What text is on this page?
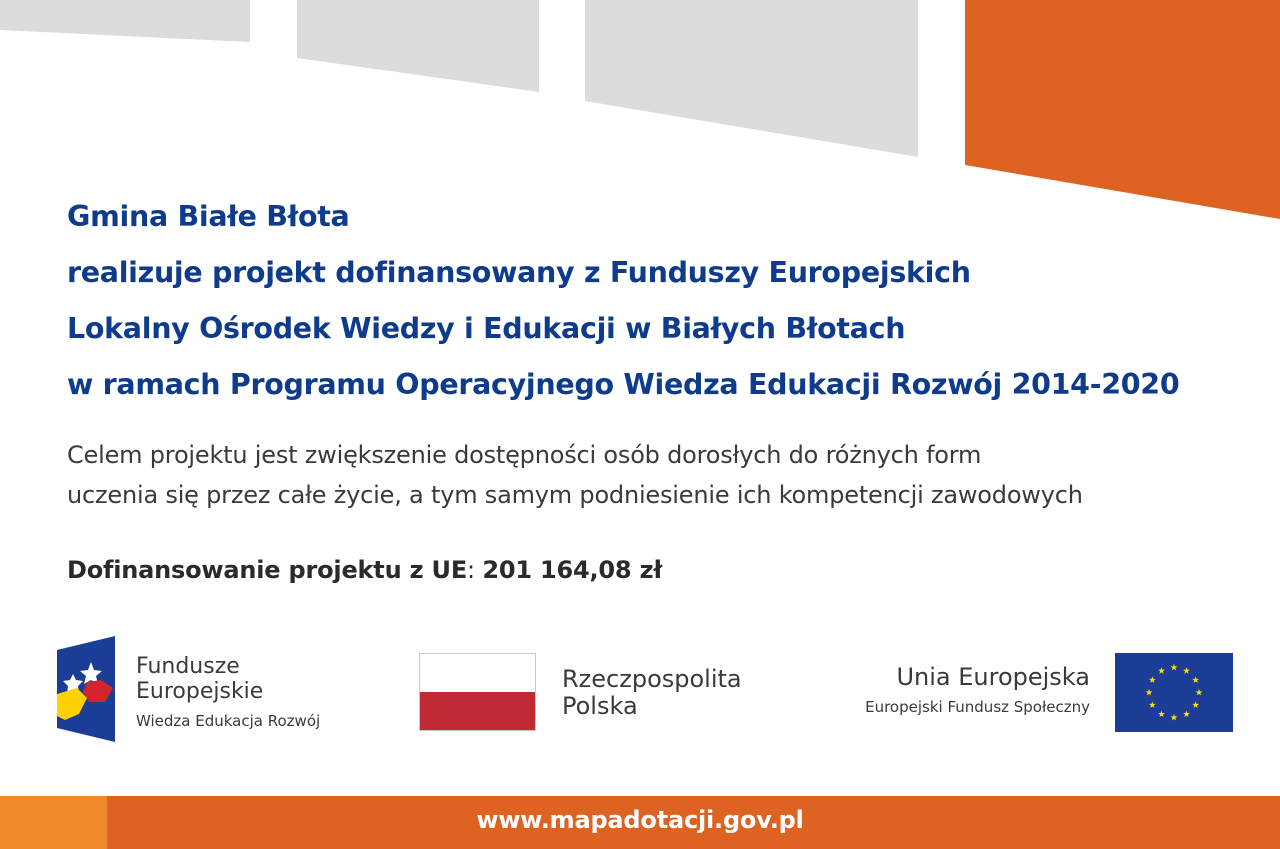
Gmina Białe Błota
realizuje projekt dofinansowany z Funduszy Europejskich
Lokalny Ośrodek Wiedzy i Edukacji w Białych Błotach
w ramach Programu Operacyjnego Wiedza Edukacji Rozwój 2014-2020
Celem projektu jest zwiększenie dostępności osób dorosłych do różnych form
uczenia się przez całe życie, a tym samym podniesienie ich kompetencji zawodowych
Dofinansowanie projektu z UE: 201 164,08 zł
Fundusze
Europejskie
Wiedza Edukacja Rozwój
Rzeczpospolita
Polska
Unia Europejska
Europejski Fundusz Społeczny
www.mapadotacji.gov.pl
